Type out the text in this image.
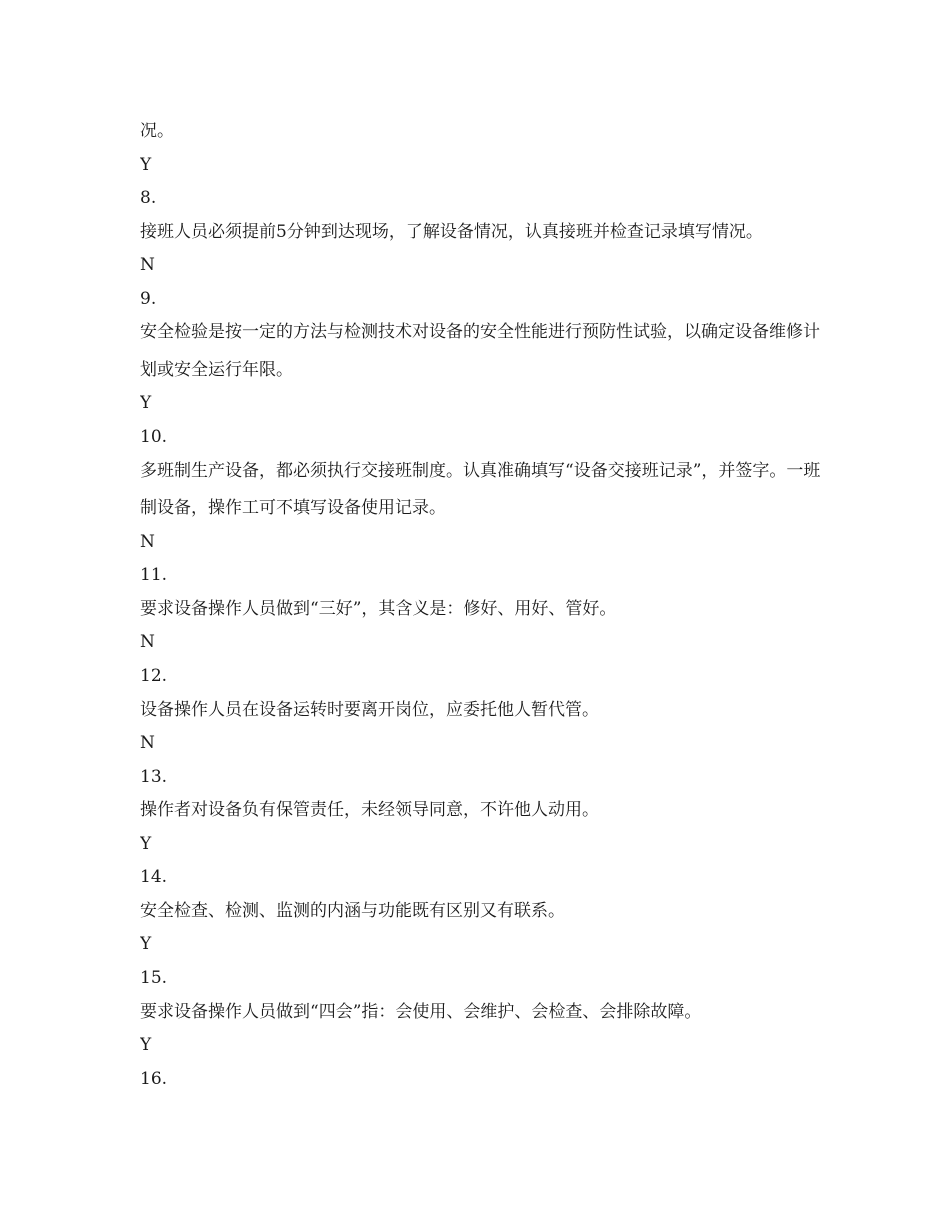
况。
Y
8.
接班人员必须提前5分钟到达现场，了解设备情况，认真接班并检查记录填写情况。
N
9.
安全检验是按一定的方法与检测技术对设备的安全性能进行预防性试验，以确定设备维修计划或安全运行年限。
Y
10.
多班制生产设备，都必须执行交接班制度。认真准确填写“设备交接班记录”，并签字。一班制设备，操作工可不填写设备使用记录。
N
11.
要求设备操作人员做到“三好”，其含义是：修好、用好、管好。
N
12.
设备操作人员在设备运转时要离开岗位，应委托他人暂代管。
N
13.
操作者对设备负有保管责任，未经领导同意，不许他人动用。
Y
14.
安全检查、检测、监测的内涵与功能既有区别又有联系。
Y
15.
要求设备操作人员做到“四会”指：会使用、会维护、会检查、会排除故障。
Y
16.
